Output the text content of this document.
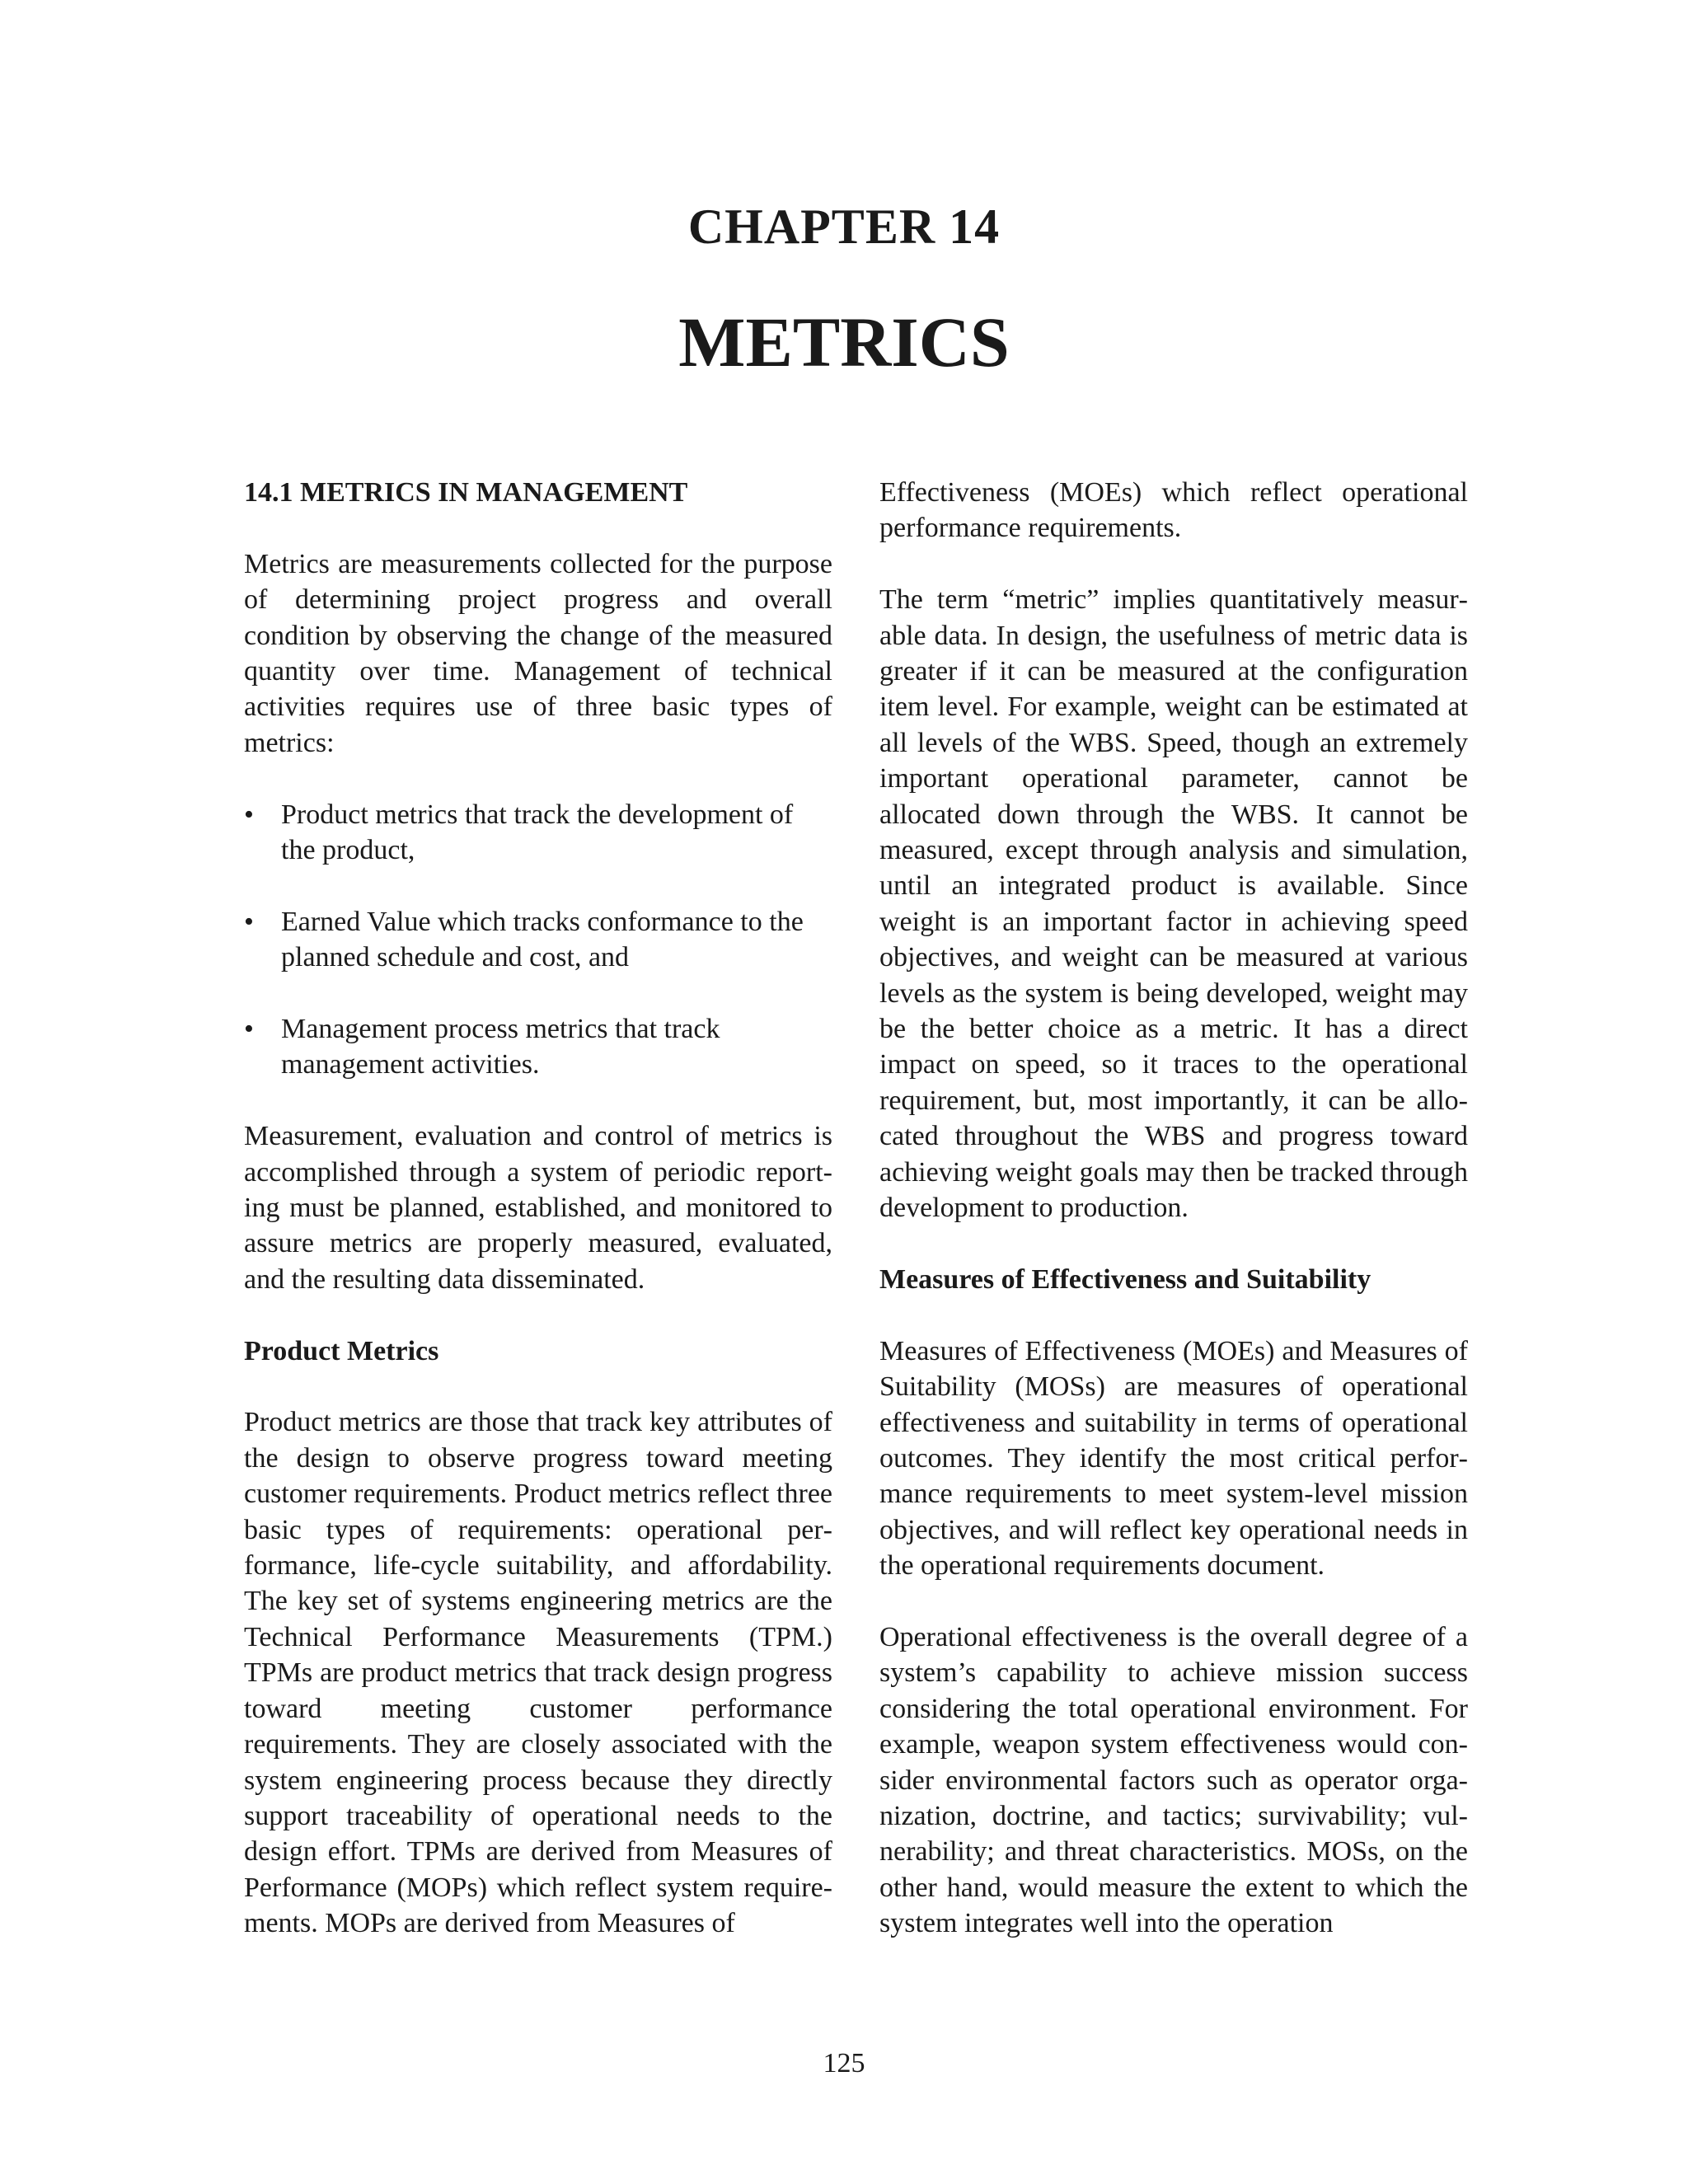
CHAPTER 14
METRICS
14.1 METRICS IN MANAGEMENT

Metrics are measurements collected for the purpose of determining project progress and overall condition by observing the change of the measured quantity over time. Management of technical activities requires use of three basic types of metrics:

• Product metrics that track the development of the product,
• Earned Value which tracks conformance to the planned schedule and cost, and
• Management process metrics that track management activities.

Measurement, evaluation and control of metrics is accomplished through a system of periodic reporting must be planned, established, and monitored to assure metrics are properly measured, evaluated, and the resulting data disseminated.

Product Metrics

Product metrics are those that track key attributes of the design to observe progress toward meeting customer requirements. Product metrics reflect three basic types of requirements: operational performance, life-cycle suitability, and affordability. The key set of systems engineering metrics are the Technical Performance Measurements (TPM.) TPMs are product metrics that track design progress toward meeting customer performance requirements. They are closely associated with the system engineering process because they directly support traceability of operational needs to the design effort. TPMs are derived from Measures of Performance (MOPs) which reflect system requirements. MOPs are derived from Measures of

Effectiveness (MOEs) which reflect operational performance requirements.

The term “metric” implies quantitatively measurable data. In design, the usefulness of metric data is greater if it can be measured at the configuration item level. For example, weight can be estimated at all levels of the WBS. Speed, though an extremely important operational parameter, cannot be allocated down through the WBS. It cannot be measured, except through analysis and simulation, until an integrated product is available. Since weight is an important factor in achieving speed objectives, and weight can be measured at various levels as the system is being developed, weight may be the better choice as a metric. It has a direct impact on speed, so it traces to the operational requirement, but, most importantly, it can be allocated throughout the WBS and progress toward achieving weight goals may then be tracked through development to production.

Measures of Effectiveness and Suitability

Measures of Effectiveness (MOEs) and Measures of Suitability (MOSs) are measures of operational effectiveness and suitability in terms of operational outcomes. They identify the most critical performance requirements to meet system-level mission objectives, and will reflect key operational needs in the operational requirements document.

Operational effectiveness is the overall degree of a system’s capability to achieve mission success considering the total operational environment. For example, weapon system effectiveness would consider environmental factors such as operator organization, doctrine, and tactics; survivability; vulnerability; and threat characteristics. MOSs, on the other hand, would measure the extent to which the system integrates well into the operation

125
